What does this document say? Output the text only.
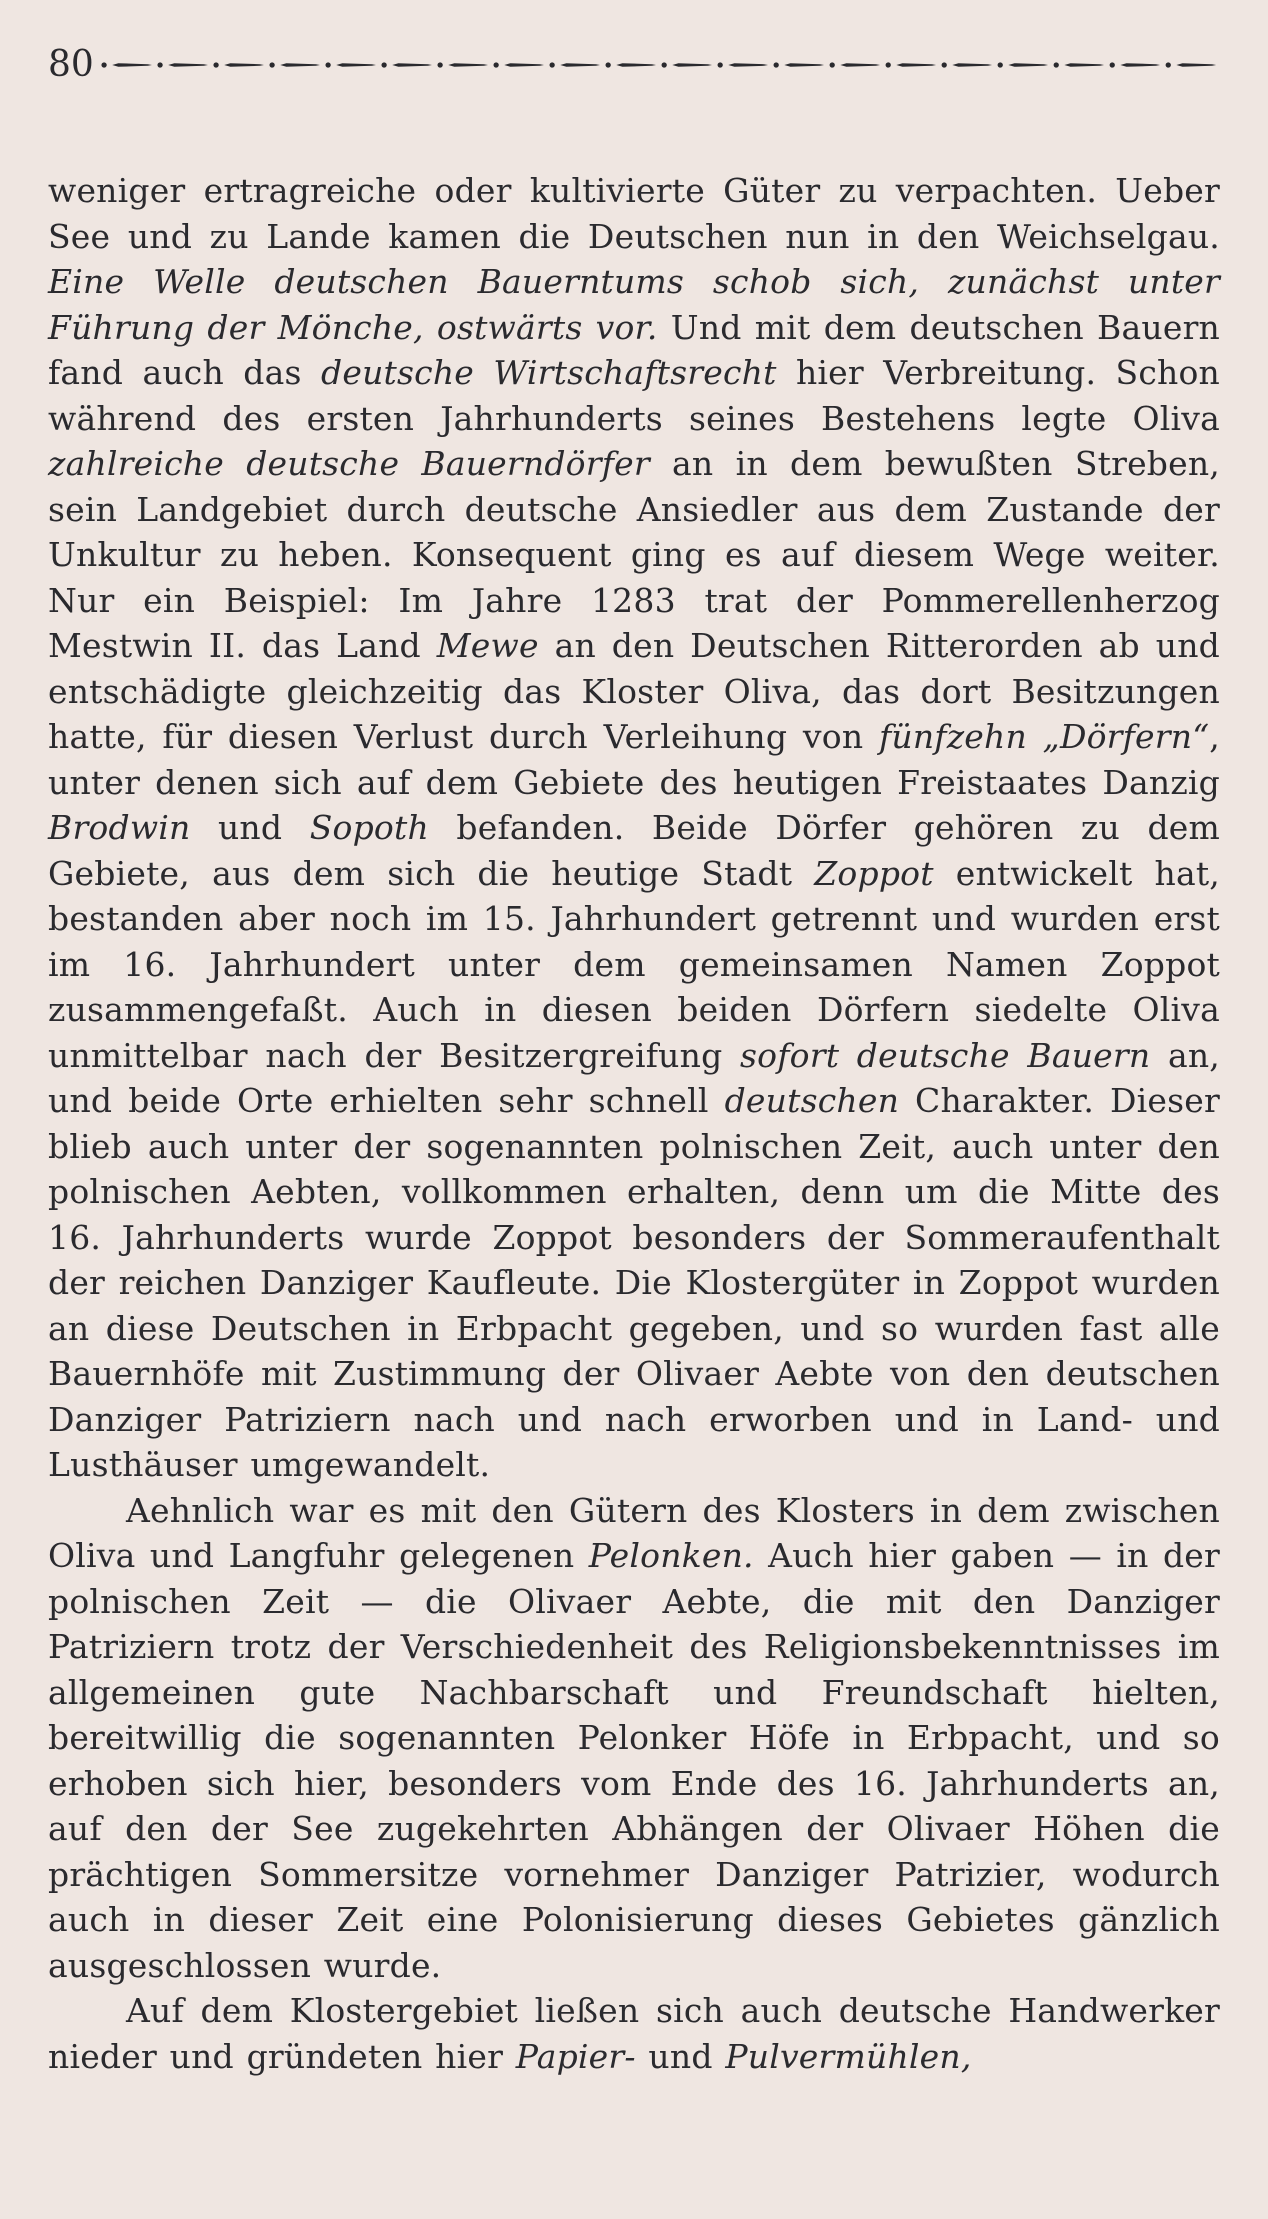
80

weniger ertragreiche oder kultivierte Güter zu verpachten. Ueber See und zu Lande kamen die Deutschen nun in den Weichselgau. Eine Welle deutschen Bauerntums schob sich, zunächst unter Führung der Mönche, ostwärts vor. Und mit dem deutschen Bauern fand auch das deutsche Wirtschaftsrecht hier Verbreitung. Schon während des ersten Jahrhunderts seines Bestehens legte Oliva zahlreiche deutsche Bauerndörfer an in dem bewußten Streben, sein Landgebiet durch deutsche Ansiedler aus dem Zustande der Unkultur zu heben. Konsequent ging es auf diesem Wege weiter. Nur ein Beispiel: Im Jahre 1283 trat der Pommerellenherzog Mestwin II. das Land Mewe an den Deutschen Ritterorden ab und entschädigte gleichzeitig das Kloster Oliva, das dort Besitzungen hatte, für diesen Verlust durch Verleihung von fünfzehn „Dörfern“, unter denen sich auf dem Gebiete des heutigen Freistaates Danzig Brodwin und Sopoth befanden. Beide Dörfer gehören zu dem Gebiete, aus dem sich die heutige Stadt Zoppot entwickelt hat, bestanden aber noch im 15. Jahrhundert getrennt und wurden erst im 16. Jahrhundert unter dem gemeinsamen Namen Zoppot zusammengefaßt. Auch in diesen beiden Dörfern siedelte Oliva unmittelbar nach der Besitzergreifung sofort deutsche Bauern an, und beide Orte erhielten sehr schnell deutschen Charakter. Dieser blieb auch unter der sogenannten polnischen Zeit, auch unter den polnischen Aebten, vollkommen erhalten, denn um die Mitte des 16. Jahrhunderts wurde Zoppot besonders der Sommeraufenthalt der reichen Danziger Kaufleute. Die Klostergüter in Zoppot wurden an diese Deutschen in Erbpacht gegeben, und so wurden fast alle Bauernhöfe mit Zustimmung der Olivaer Aebte von den deutschen Danziger Patriziern nach und nach erworben und in Land- und Lusthäuser umgewandelt.

Aehnlich war es mit den Gütern des Klosters in dem zwischen Oliva und Langfuhr gelegenen Pelonken. Auch hier gaben — in der polnischen Zeit — die Olivaer Aebte, die mit den Danziger Patriziern trotz der Verschiedenheit des Religionsbekenntnisses im allgemeinen gute Nachbarschaft und Freundschaft hielten, bereitwillig die sogenannten Pelonker Höfe in Erbpacht, und so erhoben sich hier, besonders vom Ende des 16. Jahrhunderts an, auf den der See zugekehrten Abhängen der Olivaer Höhen die prächtigen Sommersitze vornehmer Danziger Patrizier, wodurch auch in dieser Zeit eine Polonisierung dieses Gebietes gänzlich ausgeschlossen wurde.

Auf dem Klostergebiet ließen sich auch deutsche Handwerker nieder und gründeten hier Papier- und Pulvermühlen,
